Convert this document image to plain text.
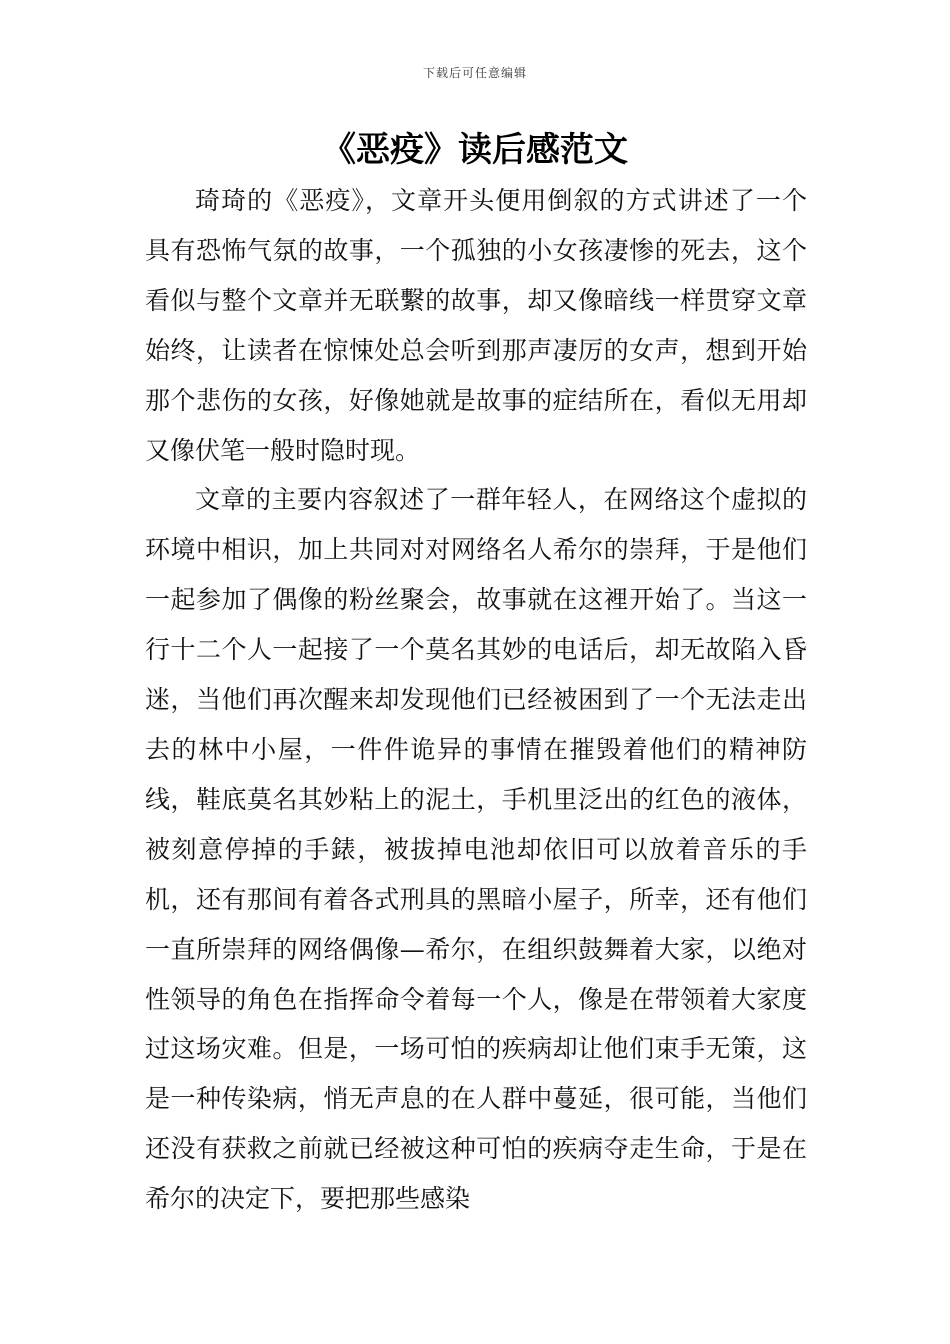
下载后可任意编辑
《恶疫》读后感范文

琦琦的《恶疫》，文章开头便用倒叙的方式讲述了一个具有恐怖气氛的故事，一个孤独的小女孩凄惨的死去，这个看似与整个文章并无联繫的故事，却又像暗线一样贯穿文章始终，让读者在惊悚处总会听到那声凄厉的女声，想到开始那个悲伤的女孩，好像她就是故事的症结所在，看似无用却又像伏笔一般时隐时现。

文章的主要内容叙述了一群年轻人，在网络这个虚拟的环境中相识，加上共同对对网络名人希尔的崇拜，于是他们一起参加了偶像的粉丝聚会，故事就在这裡开始了。当这一行十二个人一起接了一个莫名其妙的电话后，却无故陷入昏迷，当他们再次醒来却发现他们已经被困到了一个无法走出去的林中小屋，一件件诡异的事情在摧毁着他们的精神防线，鞋底莫名其妙粘上的泥土，手机里泛出的红色的液体，被刻意停掉的手錶，被拔掉电池却依旧可以放着音乐的手机，还有那间有着各式刑具的黑暗小屋子，所幸，还有他们一直所崇拜的网络偶像—希尔，在组织鼓舞着大家，以绝对性领导的角色在指挥命令着每一个人，像是在带领着大家度过这场灾难。但是，一场可怕的疾病却让他们束手无策，这是一种传染病，悄无声息的在人群中蔓延，很可能，当他们还没有获救之前就已经被这种可怕的疾病夺走生命，于是在希尔的决定下，要把那些感染
